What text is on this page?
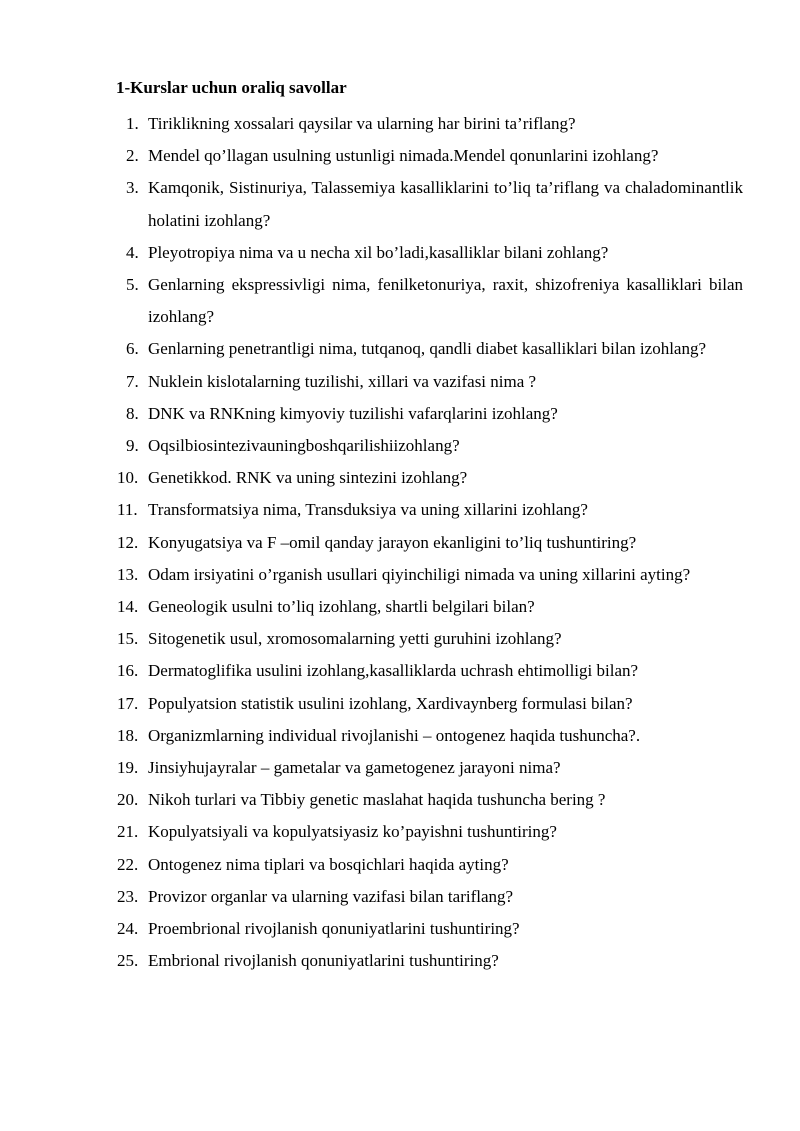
1-Kurslar uchun oraliq savollar
1. Tiriklikning xossalari qaysilar va ularning har birini ta’riflang?
2. Mendel qo’llagan usulning ustunligi nimada.Mendel qonunlarini izohlang?
3. Kamqonik, Sistinuriya, Talassemiya kasalliklarini to’liq ta’riflang va chaladominantlik holatini izohlang?
4. Pleyotropiya nima va u necha xil bo’ladi,kasalliklar bilani zohlang?
5. Genlarning ekspressivligi nima, fenilketonuriya, raxit, shizofreniya kasalliklari bilan izohlang?
6. Genlarning penetrantligi nima, tutqanoq, qandli diabet kasalliklari bilan izohlang?
7. Nuklein kislotalarning tuzilishi, xillari va vazifasi nima ?
8. DNK va RNKning kimyoviy tuzilishi vafarqlarini izohlang?
9. Oqsilbiosintezivauningboshqarilishiizohlang?
10. Genetikkod. RNK va uning sintezini izohlang?
11. Transformatsiya nima, Transduksiya va uning xillarini izohlang?
12. Konyugatsiya va F –omil qanday jarayon ekanligini to’liq tushuntiring?
13. Odam irsiyatini o’rganish usullari qiyinchiligi nimada va uning xillarini ayting?
14. Geneologik usulni to’liq izohlang, shartli belgilari bilan?
15. Sitogenetik usul, xromosomalarning yetti guruhini izohlang?
16. Dermatoglifika usulini izohlang,kasalliklarda uchrash ehtimolligi bilan?
17. Populyatsion statistik usulini izohlang, Xardivaynberg formulasi bilan?
18. Organizmlarning individual rivojlanishi – ontogenez haqida tushuncha?.
19. Jinsiyhujayralar – gametalar va gametogenez jarayoni nima?
20. Nikoh turlari va Tibbiy genetic maslahat haqida tushuncha bering ?
21. Kopulyatsiyali va kopulyatsiyasiz ko’payishni tushuntiring?
22. Ontogenez nima tiplari va bosqichlari haqida ayting?
23. Provizor organlar va ularning vazifasi bilan tariflang?
24. Proembrional rivojlanish qonuniyatlarini tushuntiring?
25. Embrional rivojlanish qonuniyatlarini tushuntiring?
